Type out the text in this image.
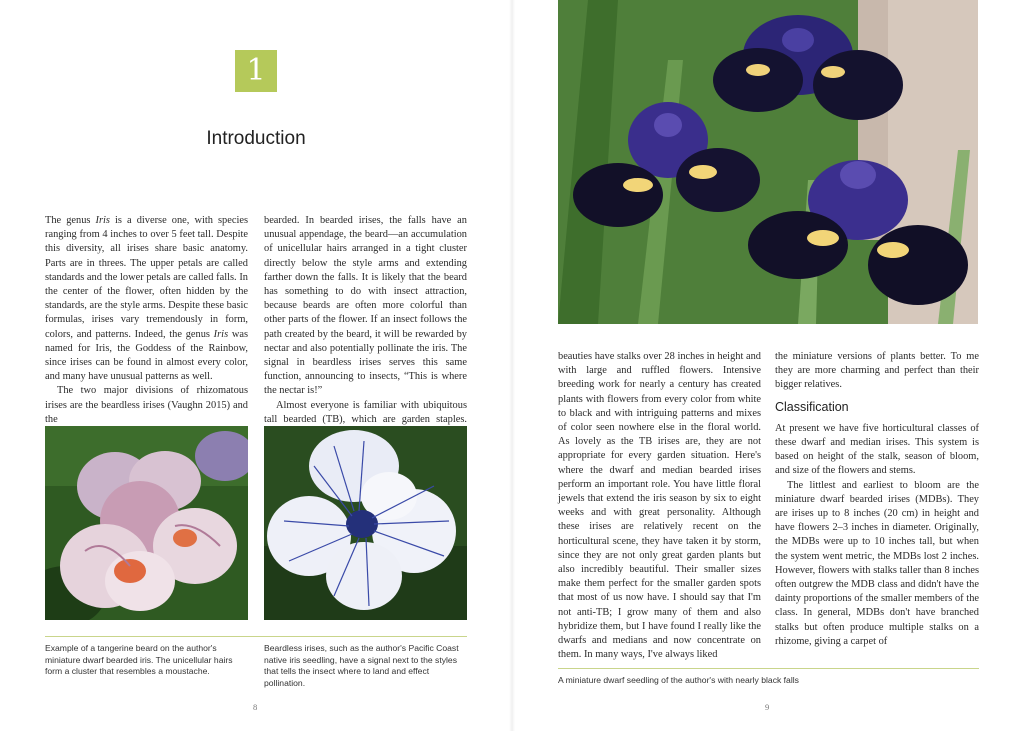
1
Introduction

The genus Iris is a diverse one, with species ranging from 4 inches to over 5 feet tall. Despite this diversity, all irises share basic anatomy. Parts are in threes. The upper petals are called standards and the lower petals are called falls. In the center of the flower, often hidden by the standards, are the style arms. Despite these basic formulas, irises vary tremendously in form, colors, and patterns. Indeed, the genus Iris was named for Iris, the Goddess of the Rainbow, since irises can be found in almost every color, and many have unusual patterns as well.

The two major divisions of rhizomatous irises are the beardless irises (Vaughn 2015) and the

bearded. In bearded irises, the falls have an unusual appendage, the beard—an accumulation of unicellular hairs arranged in a tight cluster directly below the style arms and extending farther down the falls. It is likely that the beard has something to do with insect attraction, because beards are often more colorful than other parts of the flower. If an insect follows the path created by the beard, it will be rewarded by nectar and also potentially pollinate the iris. The signal in beardless irises serves this same function, announcing to insects, “This is where the nectar is!”

Almost everyone is familiar with ubiquitous tall bearded (TB), which are garden staples.

Example of a tangerine beard on the author's miniature dwarf bearded iris. The unicellular hairs form a cluster that resembles a moustache.
Beardless irises, such as the author's Pacific Coast native iris seedling, have a signal next to the styles that tells the insect where to land and effect pollination.
8

beauties have stalks over 28 inches in height and with large and ruffled flowers. Intensive breeding work for nearly a century has created plants with flowers from every color from white to black and with intriguing patterns and mixes of color seen nowhere else in the floral world. As lovely as the TB irises are, they are not appropriate for every garden situation. Here's where the dwarf and median bearded irises perform an important role. You have little floral jewels that extend the iris season by six to eight weeks and with great personality. Although these irises are relatively recent on the horticultural scene, they have taken it by storm, since they are not only great garden plants but also incredibly beautiful. Their smaller sizes make them perfect for the smaller garden spots that most of us now have. I should say that I'm not anti-TB; I grow many of them and also hybridize them, but I have found I really like the dwarfs and medians and now concentrate on them. In many ways, I've always liked

the miniature versions of plants better. To me they are more charming and perfect than their bigger relatives.

Classification

At present we have five horticultural classes of these dwarf and median irises. This system is based on height of the stalk, season of bloom, and size of the flowers and stems.

The littlest and earliest to bloom are the miniature dwarf bearded irises (MDBs). They are irises up to 8 inches (20 cm) in height and have flowers 2–3 inches in diameter. Originally, the MDBs were up to 10 inches tall, but when the system went metric, the MDBs lost 2 inches. However, flowers with stalks taller than 8 inches often outgrew the MDB class and didn't have the dainty proportions of the smaller members of the class. In general, MDBs don't have branched stalks but often produce multiple stalks on a rhizome, giving a carpet of

A miniature dwarf seedling of the author's with nearly black falls
9
